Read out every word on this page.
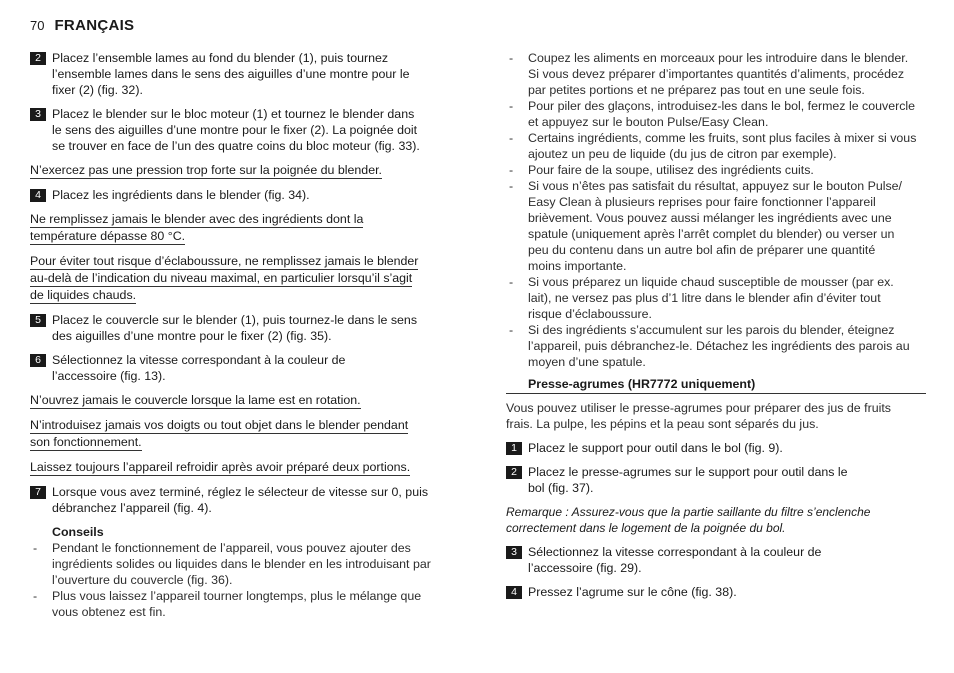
70 FRANÇAIS
2 Placez l’ensemble lames au fond du blender (1), puis tournez
l’ensemble lames dans le sens des aiguilles d’une montre pour le
fixer (2) (fig. 32).
3 Placez le blender sur le bloc moteur (1) et tournez le blender dans
le sens des aiguilles d’une montre pour le fixer (2). La poignée doit
se trouver en face de l’un des quatre coins du bloc moteur (fig. 33).
N’exercez pas une pression trop forte sur la poignée du blender.
4 Placez les ingrédients dans le blender (fig. 34).
Ne remplissez jamais le blender avec des ingrédients dont la
température dépasse 80 °C.
Pour éviter tout risque d’éclaboussure, ne remplissez jamais le blender
au-delà de l’indication du niveau maximal, en particulier lorsqu’il s’agit
de liquides chauds.
5 Placez le couvercle sur le blender (1), puis tournez-le dans le sens
des aiguilles d’une montre pour le fixer (2) (fig. 35).
6 Sélectionnez la vitesse correspondant à la couleur de
l’accessoire (fig. 13).
N’ouvrez jamais le couvercle lorsque la lame est en rotation.
N’introduisez jamais vos doigts ou tout objet dans le blender pendant
son fonctionnement.
Laissez toujours l’appareil refroidir après avoir préparé deux portions.
7 Lorsque vous avez terminé, réglez le sélecteur de vitesse sur 0, puis
débranchez l’appareil (fig. 4).
Conseils
- Pendant le fonctionnement de l’appareil, vous pouvez ajouter des
ingrédients solides ou liquides dans le blender en les introduisant par
l’ouverture du couvercle (fig. 36).
- Plus vous laissez l’appareil tourner longtemps, plus le mélange que
vous obtenez est fin.
- Coupez les aliments en morceaux pour les introduire dans le blender.
Si vous devez préparer d’importantes quantités d’aliments, procédez
par petites portions et ne préparez pas tout en une seule fois.
- Pour piler des glaçons, introduisez-les dans le bol, fermez le couvercle
et appuyez sur le bouton Pulse/Easy Clean.
- Certains ingrédients, comme les fruits, sont plus faciles à mixer si vous
ajoutez un peu de liquide (du jus de citron par exemple).
- Pour faire de la soupe, utilisez des ingrédients cuits.
- Si vous n’êtes pas satisfait du résultat, appuyez sur le bouton Pulse/
Easy Clean à plusieurs reprises pour faire fonctionner l’appareil
brièvement. Vous pouvez aussi mélanger les ingrédients avec une
spatule (uniquement après l’arrêt complet du blender) ou verser un
peu du contenu dans un autre bol afin de préparer une quantité
moins importante.
- Si vous préparez un liquide chaud susceptible de mousser (par ex.
lait), ne versez pas plus d’1 litre dans le blender afin d’éviter tout
risque d’éclaboussure.
- Si des ingrédients s’accumulent sur les parois du blender, éteignez
l’appareil, puis débranchez-le. Détachez les ingrédients des parois au
moyen d’une spatule.
Presse-agrumes (HR7772 uniquement)
Vous pouvez utiliser le presse-agrumes pour préparer des jus de fruits
frais. La pulpe, les pépins et la peau sont séparés du jus.
1 Placez le support pour outil dans le bol (fig. 9).
2 Placez le presse-agrumes sur le support pour outil dans le
bol (fig. 37).
Remarque : Assurez-vous que la partie saillante du filtre s’enclenche
correctement dans le logement de la poignée du bol.
3 Sélectionnez la vitesse correspondant à la couleur de
l’accessoire (fig. 29).
4 Pressez l’agrume sur le cône (fig. 38).
